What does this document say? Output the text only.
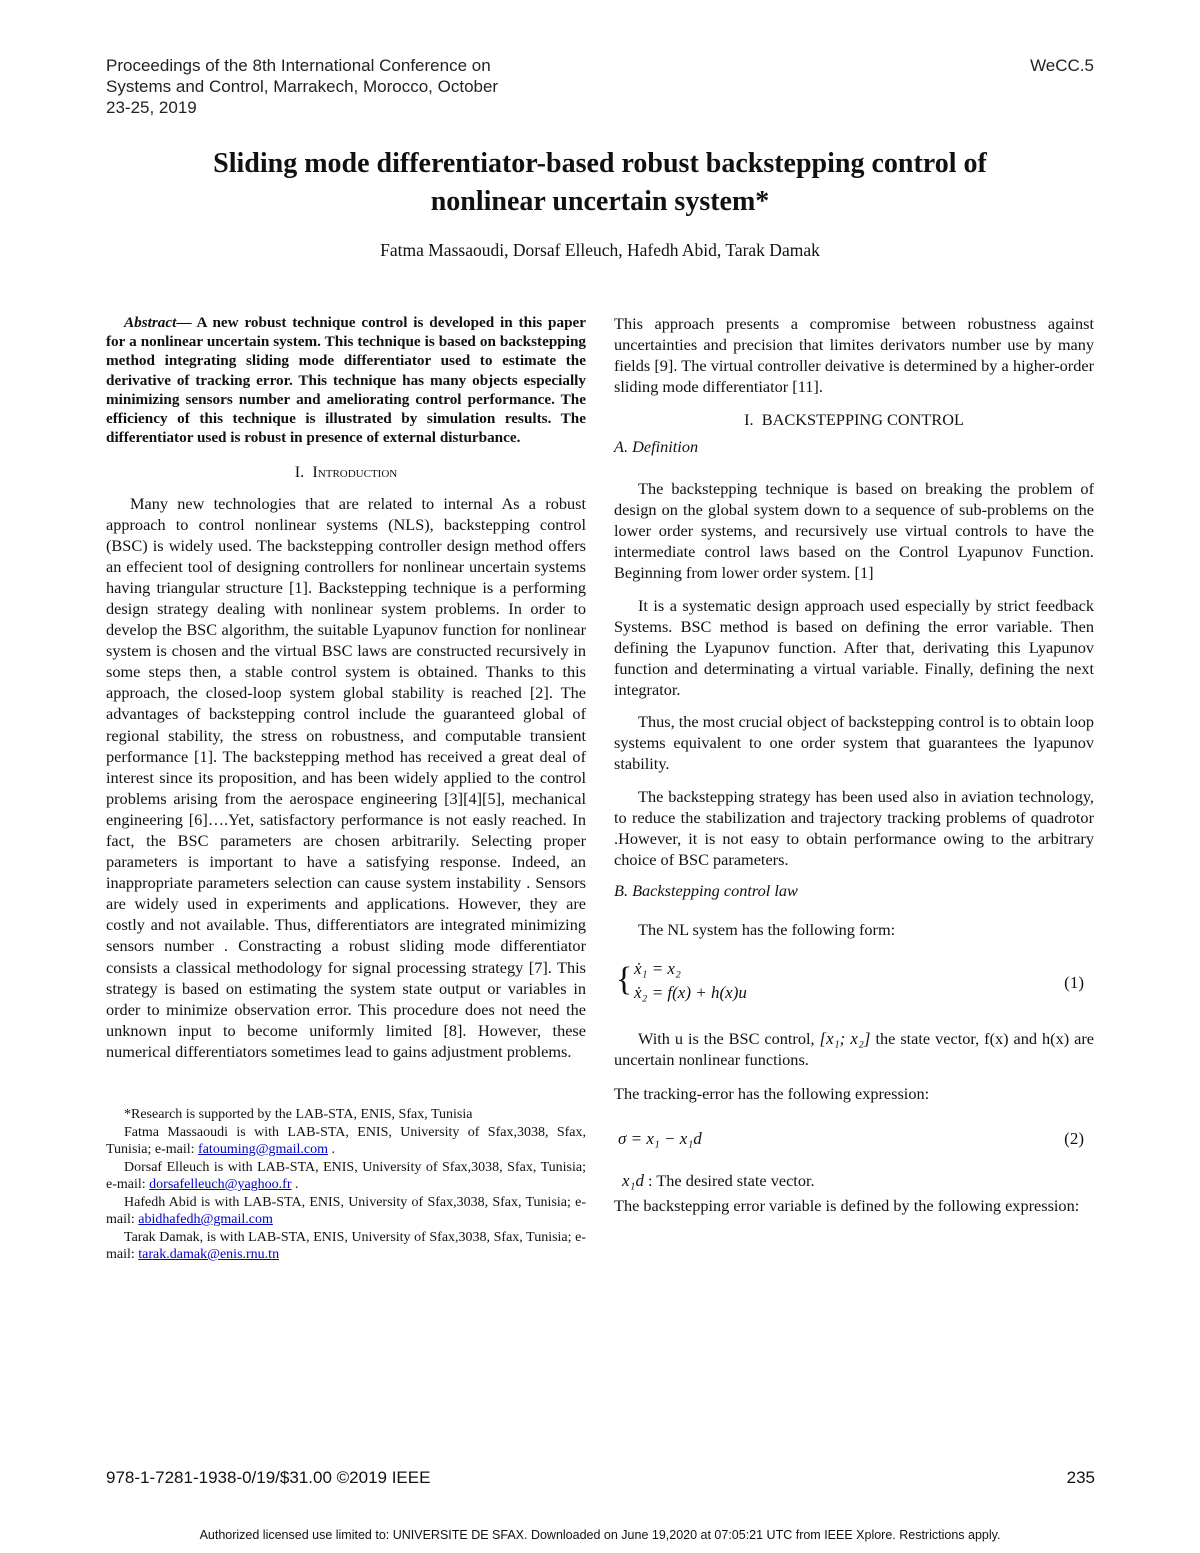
Proceedings of the 8th International Conference on
Systems and Control, Marrakech, Morocco, October
23-25, 2019
WeCC.5
Sliding mode differentiator-based robust backstepping control of
nonlinear uncertain system*
Fatma Massaoudi, Dorsaf Elleuch, Hafedh Abid, Tarak Damak

Abstract— A new robust technique control is developed in this paper for a nonlinear uncertain system. This technique is based on backstepping method integrating sliding mode differentiator used to estimate the derivative of tracking error. This technique has many objects especially minimizing sensors number and ameliorating control performance. The efficiency of this technique is illustrated by simulation results. The differentiator used is robust in presence of external disturbance.

I. Introduction

Many new technologies that are related to internal As a robust approach to control nonlinear systems (NLS), backstepping control (BSC) is widely used. The backstepping controller design method offers an effecient tool of designing controllers for nonlinear uncertain systems having triangular structure [1]. Backstepping technique is a performing design strategy dealing with nonlinear system problems. In order to develop the BSC algorithm, the suitable Lyapunov function for nonlinear system is chosen and the virtual BSC laws are constructed recursively in some steps then, a stable control system is obtained. Thanks to this approach, the closed-loop system global stability is reached [2]. The advantages of backstepping control include the guaranteed global of regional stability, the stress on robustness, and computable transient performance [1]. The backstepping method has received a great deal of interest since its proposition, and has been widely applied to the control problems arising from the aerospace engineering [3][4][5], mechanical engineering [6]….Yet, satisfactory performance is not easly reached. In fact, the BSC parameters are chosen arbitrarily. Selecting proper parameters is important to have a satisfying response. Indeed, an inappropriate parameters selection can cause system instability . Sensors are widely used in experiments and applications. However, they are costly and not available. Thus, differentiators are integrated minimizing sensors number . Constracting a robust sliding mode differentiator consists a classical methodology for signal processing strategy [7]. This strategy is based on estimating the system state output or variables in order to minimize observation error. This procedure does not need the unknown input to become uniformly limited [8]. However, these numerical differentiators sometimes lead to gains adjustment problems.

*Research is supported by the LAB-STA, ENIS, Sfax, Tunisia

Fatma Massaoudi is with LAB-STA, ENIS, University of Sfax,3038, Sfax, Tunisia; e-mail: fatouming@gmail.com .

Dorsaf Elleuch is with LAB-STA, ENIS, University of Sfax,3038, Sfax, Tunisia; e-mail: dorsafelleuch@yaghoo.fr .

Hafedh Abid is with LAB-STA, ENIS, University of Sfax,3038, Sfax, Tunisia; e-mail: abidhafedh@gmail.com

Tarak Damak, is with LAB-STA, ENIS, University of Sfax,3038, Sfax, Tunisia; e-mail: tarak.damak@enis.rnu.tn

This approach presents a compromise between robustness against uncertainties and precision that limites derivators number use by many fields [9]. The virtual controller deivative is determined by a higher-order sliding mode differentiator [11].

I. BACKSTEPPING CONTROL

A. Definition

The backstepping technique is based on breaking the problem of design on the global system down to a sequence of sub-problems on the lower order systems, and recursively use virtual controls to have the intermediate control laws based on the Control Lyapunov Function. Beginning from lower order system. [1]

It is a systematic design approach used especially by strict feedback Systems. BSC method is based on defining the error variable. Then defining the Lyapunov function. After that, derivating this Lyapunov function and determinating a virtual variable. Finally, defining the next integrator.

Thus, the most crucial object of backstepping control is to obtain loop systems equivalent to one order system that guarantees the lyapunov stability.

The backstepping strategy has been used also in aviation technology, to reduce the stabilization and trajectory tracking problems of quadrotor .However, it is not easy to obtain performance owing to the arbitrary choice of BSC parameters.

B. Backstepping control law

The NL system has the following form:

{ ẋ₁ = x₂
ẋ₂ = f(x) + h(x)u
(1)

With u is the BSC control, [x₁; x₂] the state vector, f(x) and h(x) are uncertain nonlinear functions.

The tracking-error has the following expression:

σ = x₁ − x₁d	(2)

x₁d : The desired state vector.

The backstepping error variable is defined by the following expression:

978-1-7281-1938-0/19/$31.00 ©2019 IEEE	235
Authorized licensed use limited to: UNIVERSITE DE SFAX. Downloaded on June 19,2020 at 07:05:21 UTC from IEEE Xplore. Restrictions apply.
